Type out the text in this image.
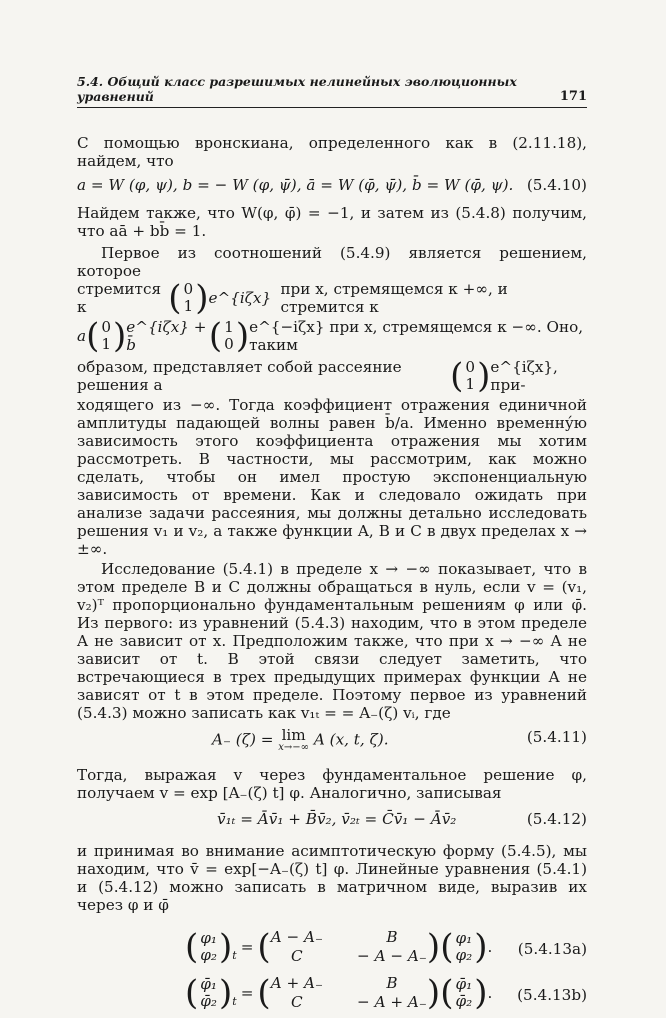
5.4. Общий класс разрешимых нелинейных эволюционных уравнений	171

С помощью вронскиана, определенного как в (2.11.18), найдем, что

a = W (φ, ψ), b = − W (φ, ψ̄), ā = W (φ̄, ψ̄), b̄ = W (φ̄, ψ). (5.4.10)

Найдем также, что W(φ, φ̄) = −1, и затем из (5.4.8) получим, что aā + bb̄ = 1.

Первое из соотношений (5.4.9) является решением, которое

стремится к	( 0
1 ) e^{iζx} при x, стремящемся к +∞, и стремится к
a ( 0
1 ) e^{iζx} + b̄	( 1
0 ) e^{−iζx} при x, стремящемся к −∞. Оно, таким
образом, представляет собой рассеяние решения a	( 0
1 ) e^{iζx}, при-

ходящего из −∞. Тогда коэффициент отражения единичной амплитуды падающей волны равен b̄/a. Именно временну́ю зависимость этого коэффициента отражения мы хотим рассмотреть. В частности, мы рассмотрим, как можно сделать, чтобы он имел простую экспоненциальную зависимость от времени. Как и следовало ожидать при анализе задачи рассеяния, мы должны детально исследовать решения v₁ и v₂, а также функции A, B и C в двух пределах x → ±∞.

Исследование (5.4.1) в пределе x → −∞ показывает, что в этом пределе B и C должны обращаться в нуль, если v = (v₁, v₂)ᵀ пропорционально фундаментальным решениям φ или φ̄. Из первого: из уравнений (5.4.3) находим, что в этом пределе A не зависит от x. Предположим также, что при x → −∞ A не зависит от t. В этой связи следует заметить, что встречающиеся в трех предыдущих примерах функции A не зависят от t в этом пределе. Поэтому первое из уравнений (5.4.3) можно записать как v₁ₜ = = A₋(ζ) vᵢ, где

A₋ (ζ) = lim
x→−∞ A (x, t, ζ).	(5.4.11)

Тогда, выражая v через фундаментальное решение φ, получаем v = exp [A₋(ζ) t] φ. Аналогично, записывая

v̄₁ₜ = Āv̄₁ + B̄v̄₂, v̄₂ₜ = C̄v̄₁ − Āv̄₂	(5.4.12)

и принимая во внимание асимптотическую форму (5.4.5), мы находим, что v̄ = exp[−A₋(ζ) t] φ. Линейные уравнения (5.4.1) и (5.4.12) можно записать в матричном виде, выразив их через φ и φ̄

( φ₁
φ₂ ) t = ( A − A₋	B
C	− A − A₋ ) ( φ₁
φ₂ ) . (5.4.13a)
( φ̄₁
φ̄₂ ) t = ( A + A₋	B
C	− A + A₋ ) ( φ̄₁
φ̄₂ ) . (5.4.13b)
